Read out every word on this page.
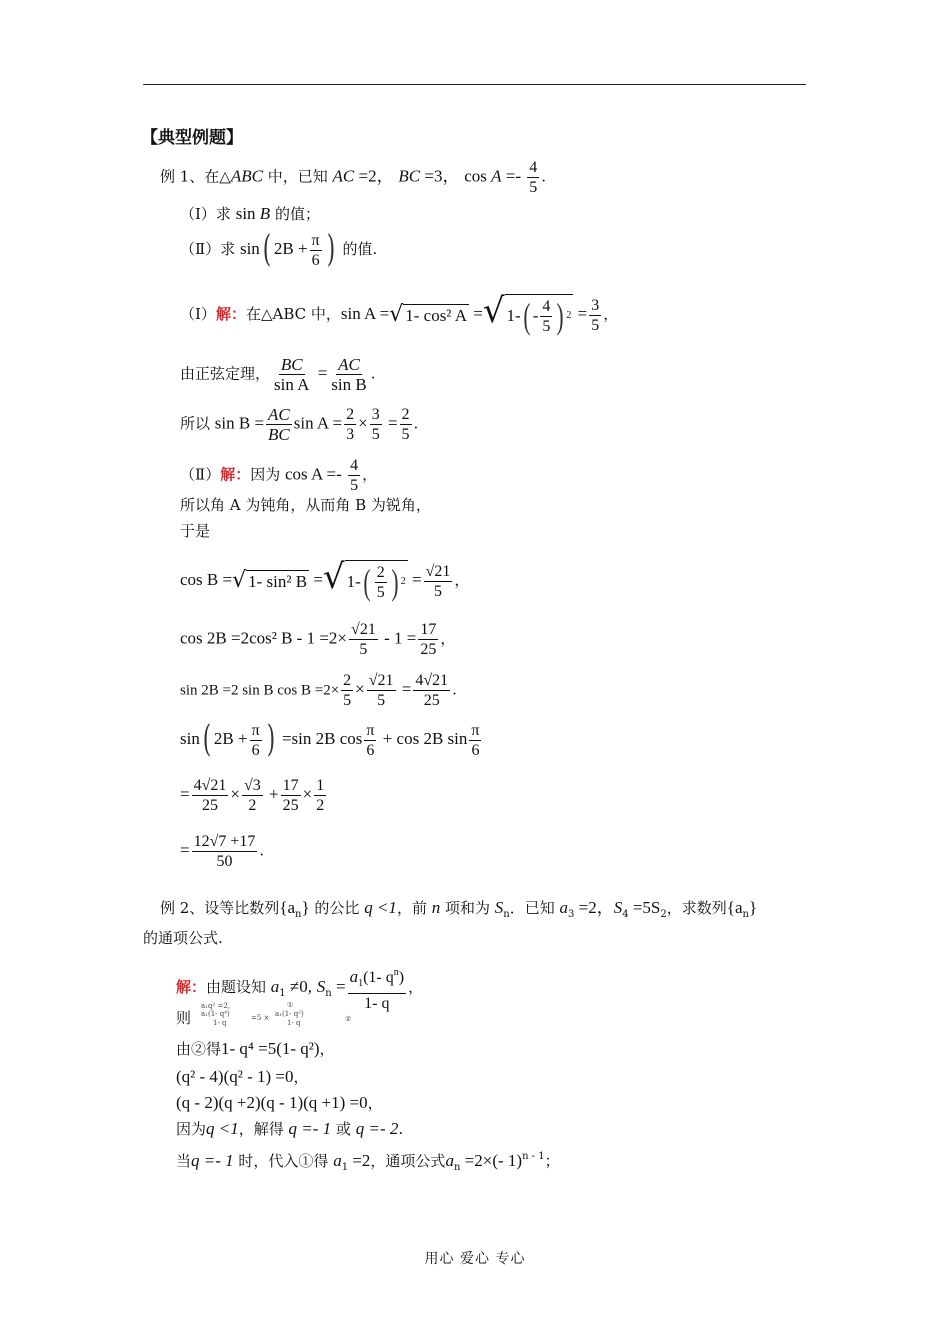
【典型例题】
例 1、在△ABC 中，已知 AC =2， BC =3， $\cos A =- \frac{4}{5}$ .
（Ⅰ）求 sin B 的值；
（Ⅱ）求 sin( $2B + \frac{\pi}{6}$ ) 的值.
（Ⅰ）解：在△ABC 中，sin A = √ 1- cos² A = √ 1- ( - $\frac{4}{5}$ ) $2 = \frac{3}{5}$ ，
由正弦定理， $\frac{BC}{\text{sin A}} = \frac{AC}{\text{sin B}}$ .
所以 $\sin B = \frac{AC}{BC}$ $\sin A = \frac{2}{3} \times \frac{3}{5} = \frac{2}{5}$ .
（Ⅱ）解：因为 $\cos A =- \frac{4}{5}$ ，
所以角 A 为钝角，从而角 B 为锐角，
于是
cos B = √ 1- sin² B = √ 1- ( $\frac{2}{5}$ ) $2 = \frac{√21}{5}$ ，
cos 2B =2cos² $B - 1 =2\times \frac{√21}{5} - 1 = \frac{17}{25}$ ，
sin 2B =2 sin B $\cos B =2\times \frac{2}{5} \times \frac{√21}{5} = \frac{4√21}{25}$ .
sin( $2B + \frac{\pi}{6}$ ) =sin 2B $\cos \frac{\pi}{6} + \cos 2B$ $\sin \frac{\pi}{6}$
= $\frac{4√21}{25} \times \frac{√3}{2} + \frac{17}{25} \times \frac{1}{2}$
= $\frac{12√7 +17}{50}$ .
例 2、设等比数列$\{a_n\}$ 的公比 q <1，前 n 项和为 $S_n$．已知 $a_3 =2$，$S_4 =5S_2$，求数列$\{a_n\}$
的通项公式.
解：由题设知 $a_1 \ne 0$, $S_n = \frac{a_1(1- q^n)}{1- q}$ ，
则
a₁q² =2,
a₁(1- q⁴)
1- q
=5 × a₁(1- q²)
1- q
①
②
由②得1- q⁴ =5(1- q²)，
(q² - 4)(q² - 1) =0，
(q - 2)(q +2)(q - 1)(q +1) =0，
因为q <1，解得 q =- 1 或 q =- 2.
当q =- 1 时，代入①得 $a_1 =2$，通项公式$a_n =2\times(-$ 1)$^{n - 1}$；
用心 爱心 专心
